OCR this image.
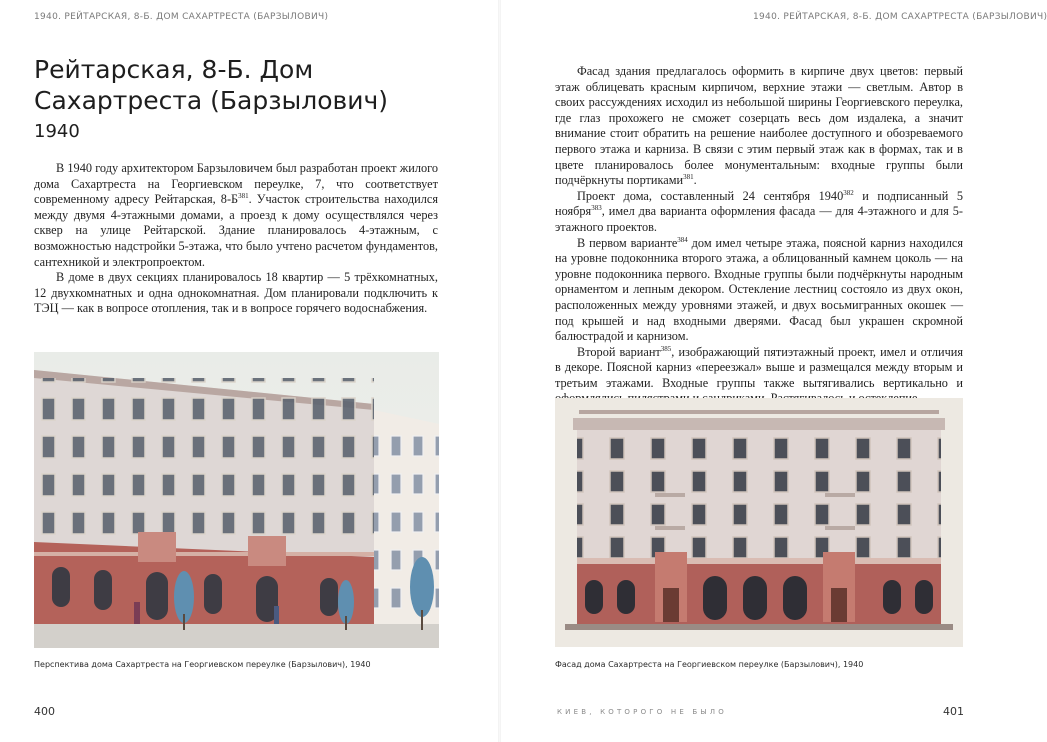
1940. РЕЙТАРСКАЯ, 8-Б. ДОМ САХАРТРЕСТА (БАРЗЫЛОВИЧ)
Рейтарская, 8-Б. Дом Сахартреста (Барзылович)
1940

В 1940 году архитектором Барзыловичем был разработан проект жилого дома Сахартреста на Георгиевском переулке, 7, что соответствует современному адресу Рейтарская, $8-Б^{381}$. Участок строительства находился между двумя 4-этажными домами, а проезд к дому осуществлялся через сквер на улице Рейтарской. Здание планировалось 4-этажным, с возможностью надстройки 5-этажа, что было учтено расчетом фундаментов, сантехникой и электропроектом.

В доме в двух секциях планировалось 18 квартир — 5 трёхкомнатных, 12 двухкомнатных и одна однокомнатная. Дом планировали подключить к ТЭЦ — как в вопросе отопления, так и в вопросе горячего водоснабжения.

Перспектива дома Сахартреста на Георгиевском переулке (Барзылович), 1940
400
1940. РЕЙТАРСКАЯ, 8-Б. ДОМ САХАРТРЕСТА (БАРЗЫЛОВИЧ)

Фасад здания предлагалось оформить в кирпиче двух цветов: первый этаж облицевать красным кирпичом, верхние этажи — светлым. Автор в своих рассуждениях исходил из небольшой ширины Георгиевского переулка, где глаз прохожего не сможет созерцать весь дом издалека, а значит внимание стоит обратить на решение наиболее доступного и обозреваемого первого этажа и карниза. В связи с этим первый этаж как в формах, так и в цвете планировалось более монументальным: входные группы были подчёркнуты портиками$^{381}$.

Проект дома, составленный 24 сентября 1940$^{382}$ и подписанный 5 ноября$^{383}$, имел два варианта оформления фасада — для 4-этажного и для 5-этажного проектов.

В первом варианте$^{384}$ дом имел четыре этажа, поясной карниз находился на уровне подоконника второго этажа, а облицованный камнем цоколь — на уровне подоконника первого. Входные группы были подчёркнуты народным орнаментом и лепным декором. Остекление лестниц состояло из двух окон, расположенных между уровнями этажей, и двух восьмигранных окошек — под крышей и над входными дверями. Фасад был украшен скромной балюстрадой и карнизом.

Второй вариант$^{385}$, изображающий пятиэтажный проект, имел и отличия в декоре. Поясной карниз «переезжал» выше и размещался между вторым и третьим этажами. Входные группы также вытягивались вертикально и

Фасад дома Сахартреста на Георгиевском переулке (Барзылович), 1940
КИЕВ, КОТОРОГО НЕ БЫЛО	401
